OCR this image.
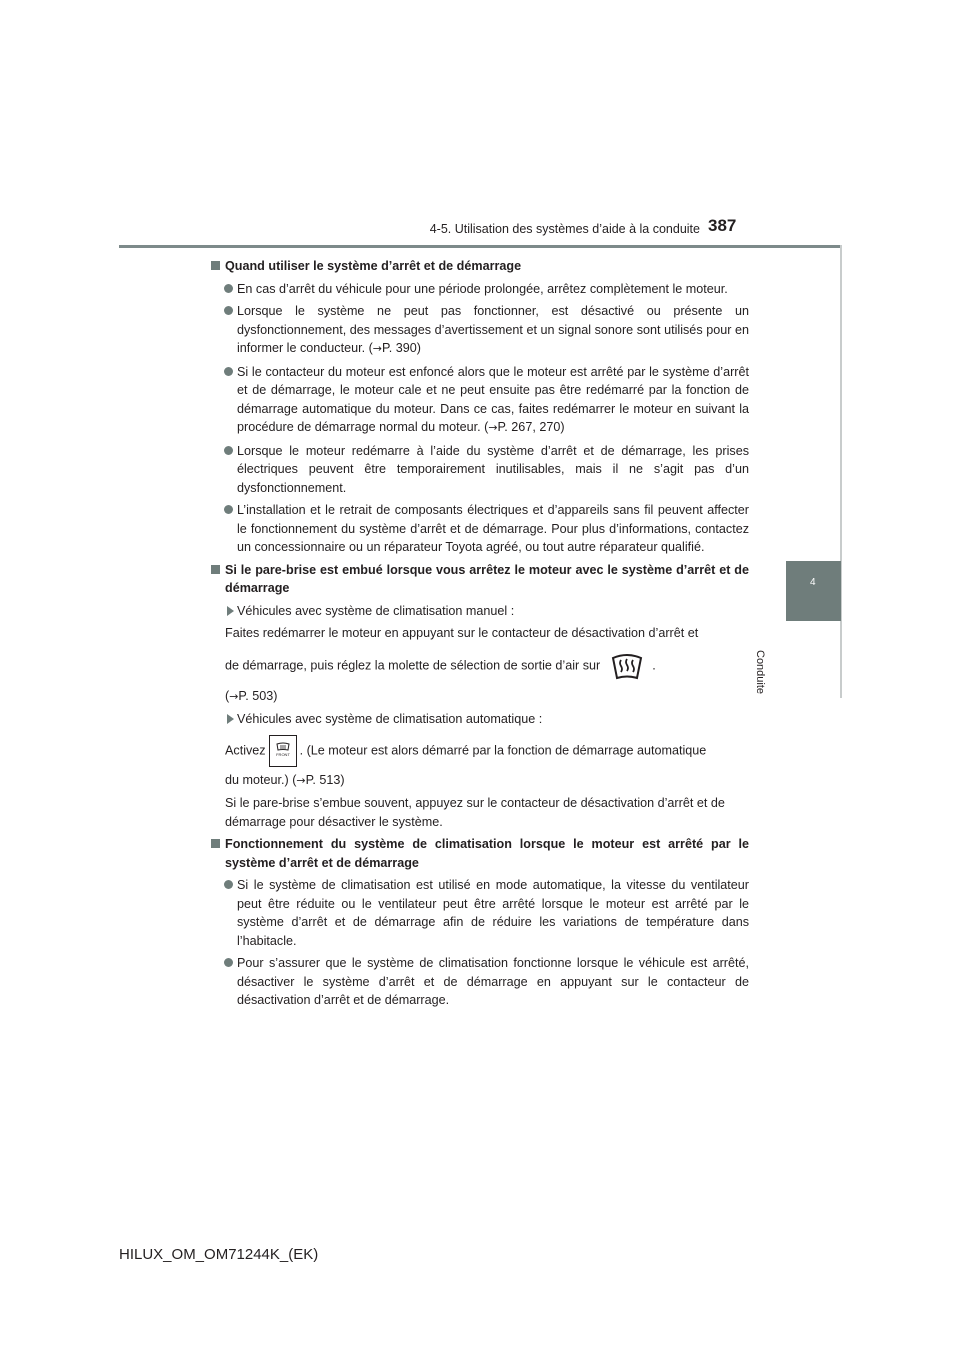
4-5. Utilisation des systèmes d’aide à la conduite 387
4
Conduite
Quand utiliser le système d’arrêt et de démarrage
En cas d’arrêt du véhicule pour une période prolongée, arrêtez complètement le moteur.
Lorsque le système ne peut pas fonctionner, est désactivé ou présente un dysfonctionnement, des messages d’avertissement et un signal sonore sont utilisés pour en informer le conducteur. (→P. 390)
Si le contacteur du moteur est enfoncé alors que le moteur est arrêté par le système d’arrêt et de démarrage, le moteur cale et ne peut ensuite pas être redémarré par la fonction de démarrage automatique du moteur. Dans ce cas, faites redémarrer le moteur en suivant la procédure de démarrage normal du moteur. (→P. 267, 270)
Lorsque le moteur redémarre à l’aide du système d’arrêt et de démarrage, les prises électriques peuvent être temporairement inutilisables, mais il ne s’agit pas d’un dysfonctionnement.
L’installation et le retrait de composants électriques et d’appareils sans fil peuvent affecter le fonctionnement du système d’arrêt et de démarrage. Pour plus d’informations, contactez un concessionnaire ou un réparateur Toyota agréé, ou tout autre réparateur qualifié.
Si le pare-brise est embué lorsque vous arrêtez le moteur avec le système d’arrêt et de démarrage
Véhicules avec système de climatisation manuel :
Faites redémarrer le moteur en appuyant sur le contacteur de désactivation d’arrêt et
de démarrage, puis réglez la molette de sélection de sortie d’air sur	.
(→P. 503)
Véhicules avec système de climatisation automatique :
Activez	FRONT . (Le moteur est alors démarré par la fonction de démarrage automatique
du moteur.) (→P. 513)
Si le pare-brise s’embue souvent, appuyez sur le contacteur de désactivation d’arrêt et de démarrage pour désactiver le système.
Fonctionnement du système de climatisation lorsque le moteur est arrêté par le système d’arrêt et de démarrage
Si le système de climatisation est utilisé en mode automatique, la vitesse du ventilateur peut être réduite ou le ventilateur peut être arrêté lorsque le moteur est arrêté par le système d’arrêt et de démarrage afin de réduire les variations de température dans l’habitacle.
Pour s’assurer que le système de climatisation fonctionne lorsque le véhicule est arrêté, désactiver le système d’arrêt et de démarrage en appuyant sur le contacteur de désactivation d’arrêt et de démarrage.
HILUX_OM_OM71244K_(EK)
